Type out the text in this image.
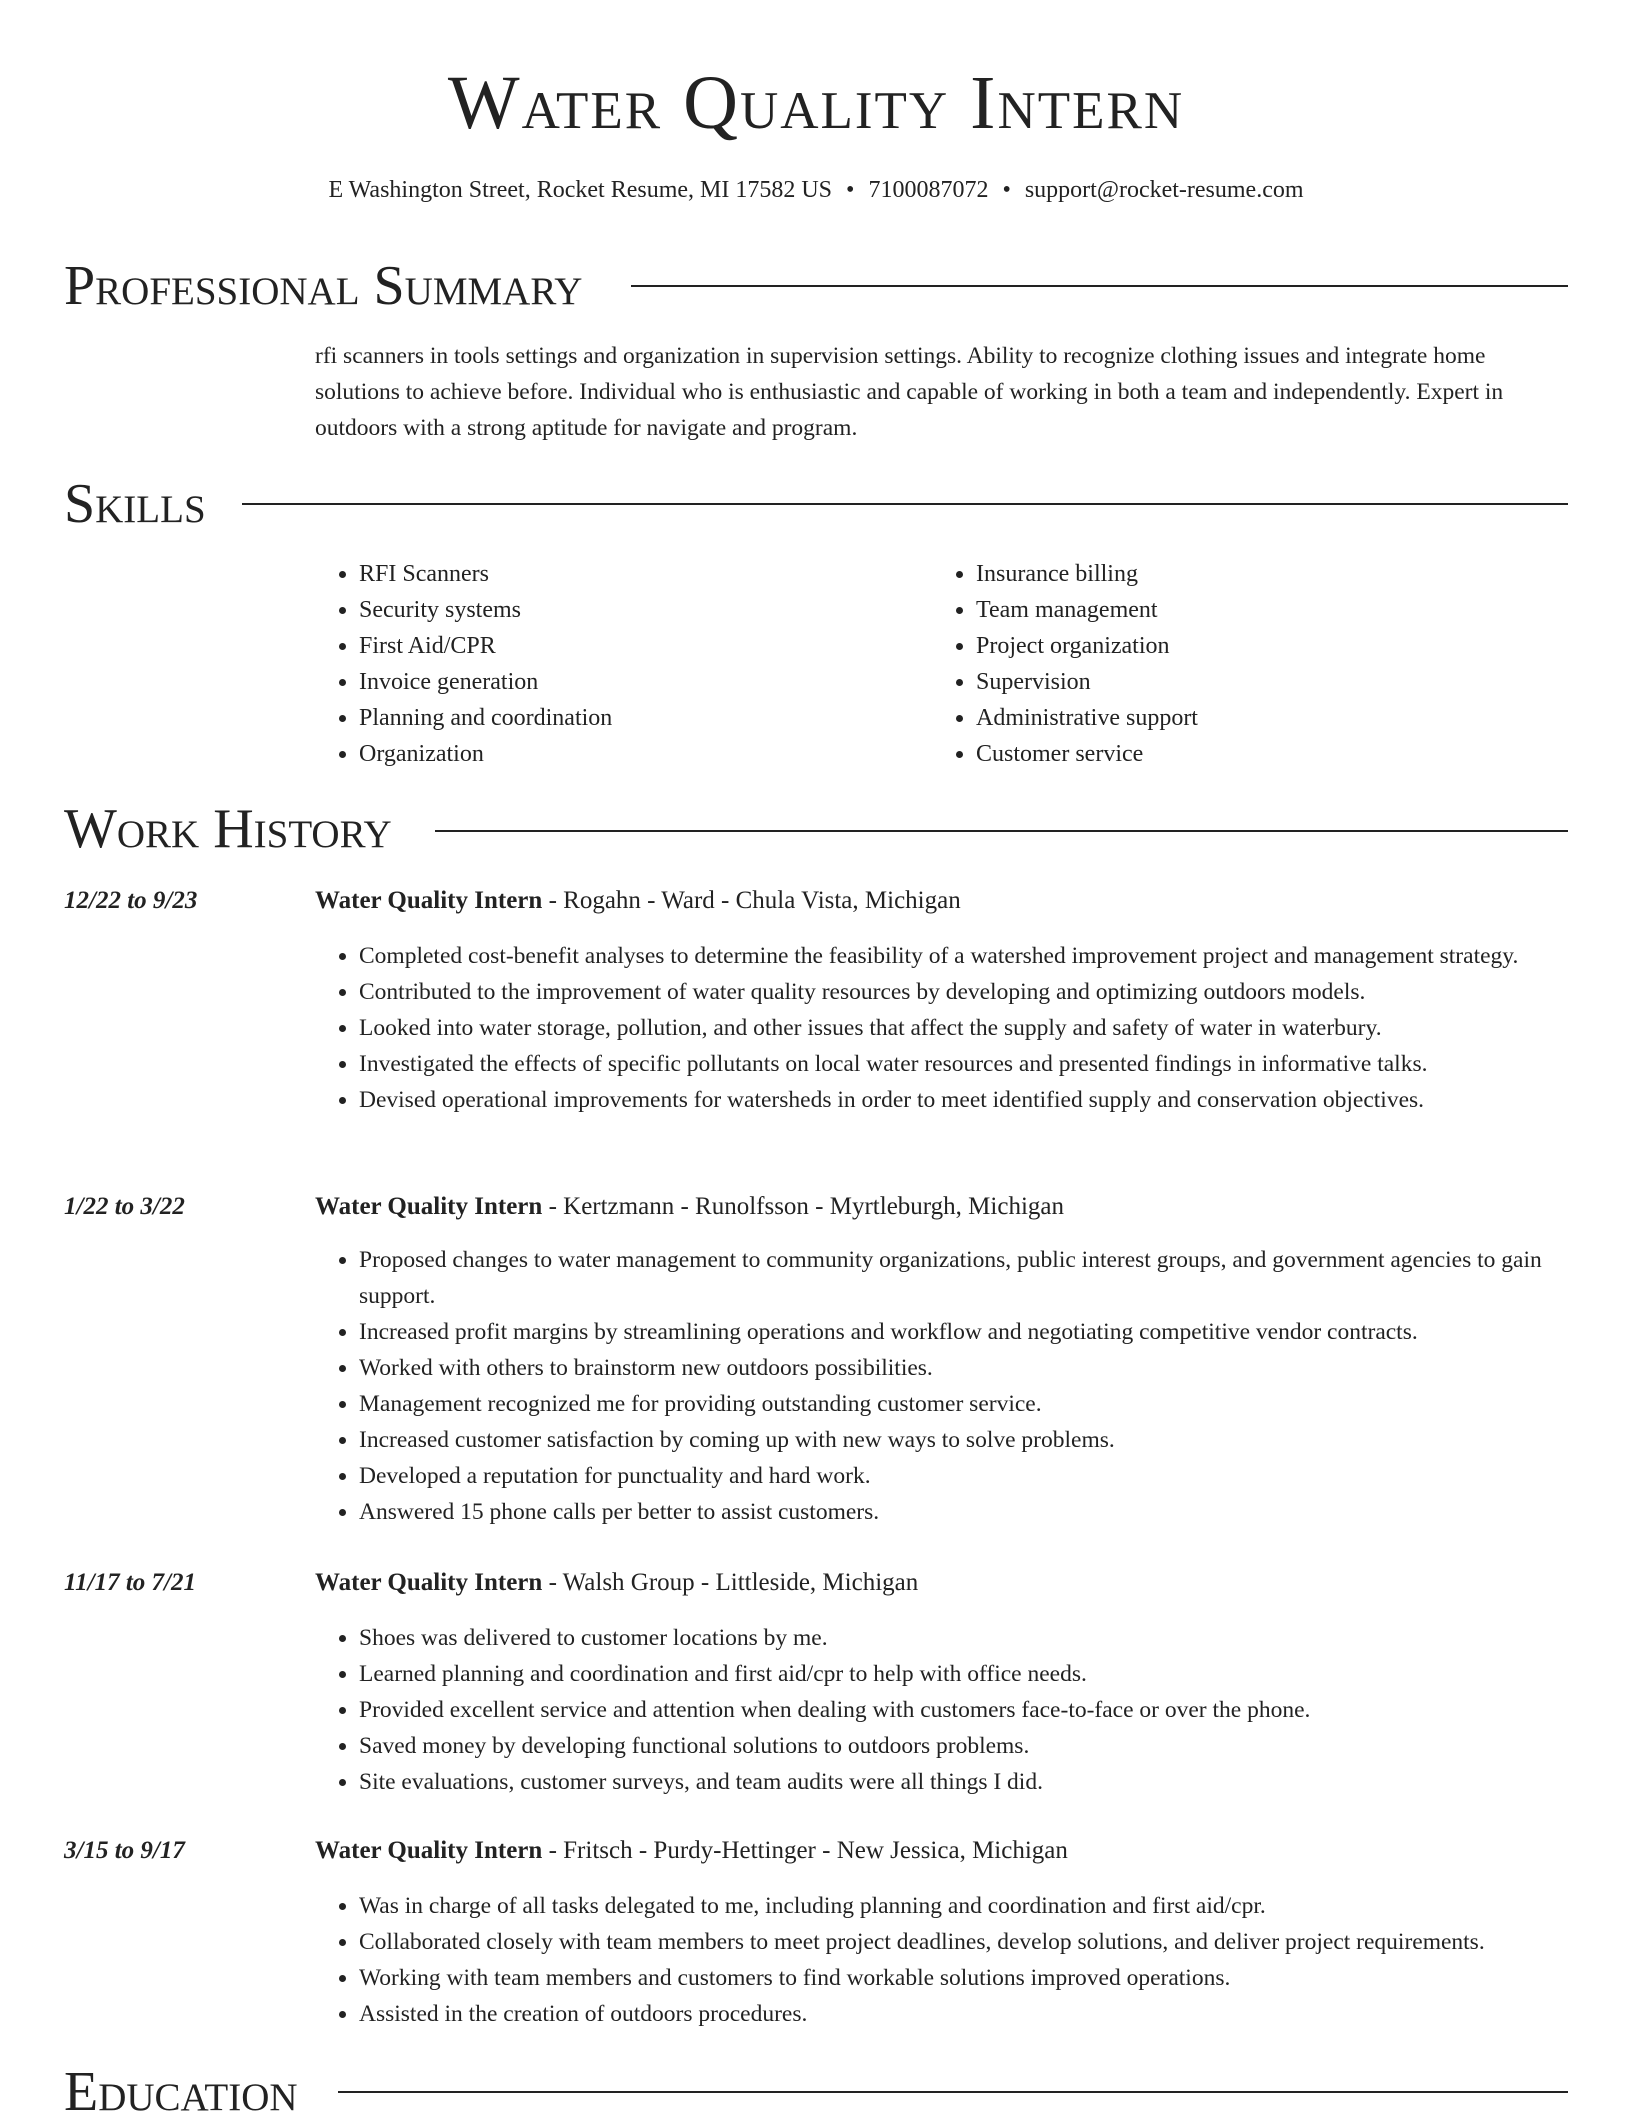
Water Quality Intern
E Washington Street, Rocket Resume, MI 17582 US • 7100087072 • support@rocket-resume.com
Professional Summary

rfi scanners in tools settings and organization in supervision settings. Ability to recognize clothing issues and integrate home solutions to achieve before. Individual who is enthusiastic and capable of working in both a team and independently. Expert in outdoors with a strong aptitude for navigate and program.

Skills
• RFI Scanners
• Security systems
• First Aid/CPR
• Invoice generation
• Planning and coordination
• Organization
• Insurance billing
• Team management
• Project organization
• Supervision
• Administrative support
• Customer service
Work History
12/22 to 9/23	Water Quality Intern - Rogahn - Ward - Chula Vista, Michigan
• Completed cost-benefit analyses to determine the feasibility of a watershed improvement project and management strategy.
• Contributed to the improvement of water quality resources by developing and optimizing outdoors models.
• Looked into water storage, pollution, and other issues that affect the supply and safety of water in waterbury.
• Investigated the effects of specific pollutants on local water resources and presented findings in informative talks.
• Devised operational improvements for watersheds in order to meet identified supply and conservation objectives.
1/22 to 3/22	Water Quality Intern - Kertzmann - Runolfsson - Myrtleburgh, Michigan
• Proposed changes to water management to community organizations, public interest groups, and government agencies to gain support.
• Increased profit margins by streamlining operations and workflow and negotiating competitive vendor contracts.
• Worked with others to brainstorm new outdoors possibilities.
• Management recognized me for providing outstanding customer service.
• Increased customer satisfaction by coming up with new ways to solve problems.
• Developed a reputation for punctuality and hard work.
• Answered 15 phone calls per better to assist customers.
11/17 to 7/21	Water Quality Intern - Walsh Group - Littleside, Michigan
• Shoes was delivered to customer locations by me.
• Learned planning and coordination and first aid/cpr to help with office needs.
• Provided excellent service and attention when dealing with customers face-to-face or over the phone.
• Saved money by developing functional solutions to outdoors problems.
• Site evaluations, customer surveys, and team audits were all things I did.
3/15 to 9/17	Water Quality Intern - Fritsch - Purdy-Hettinger - New Jessica, Michigan
• Was in charge of all tasks delegated to me, including planning and coordination and first aid/cpr.
• Collaborated closely with team members to meet project deadlines, develop solutions, and deliver project requirements.
• Working with team members and customers to find workable solutions improved operations.
• Assisted in the creation of outdoors procedures.
Education
